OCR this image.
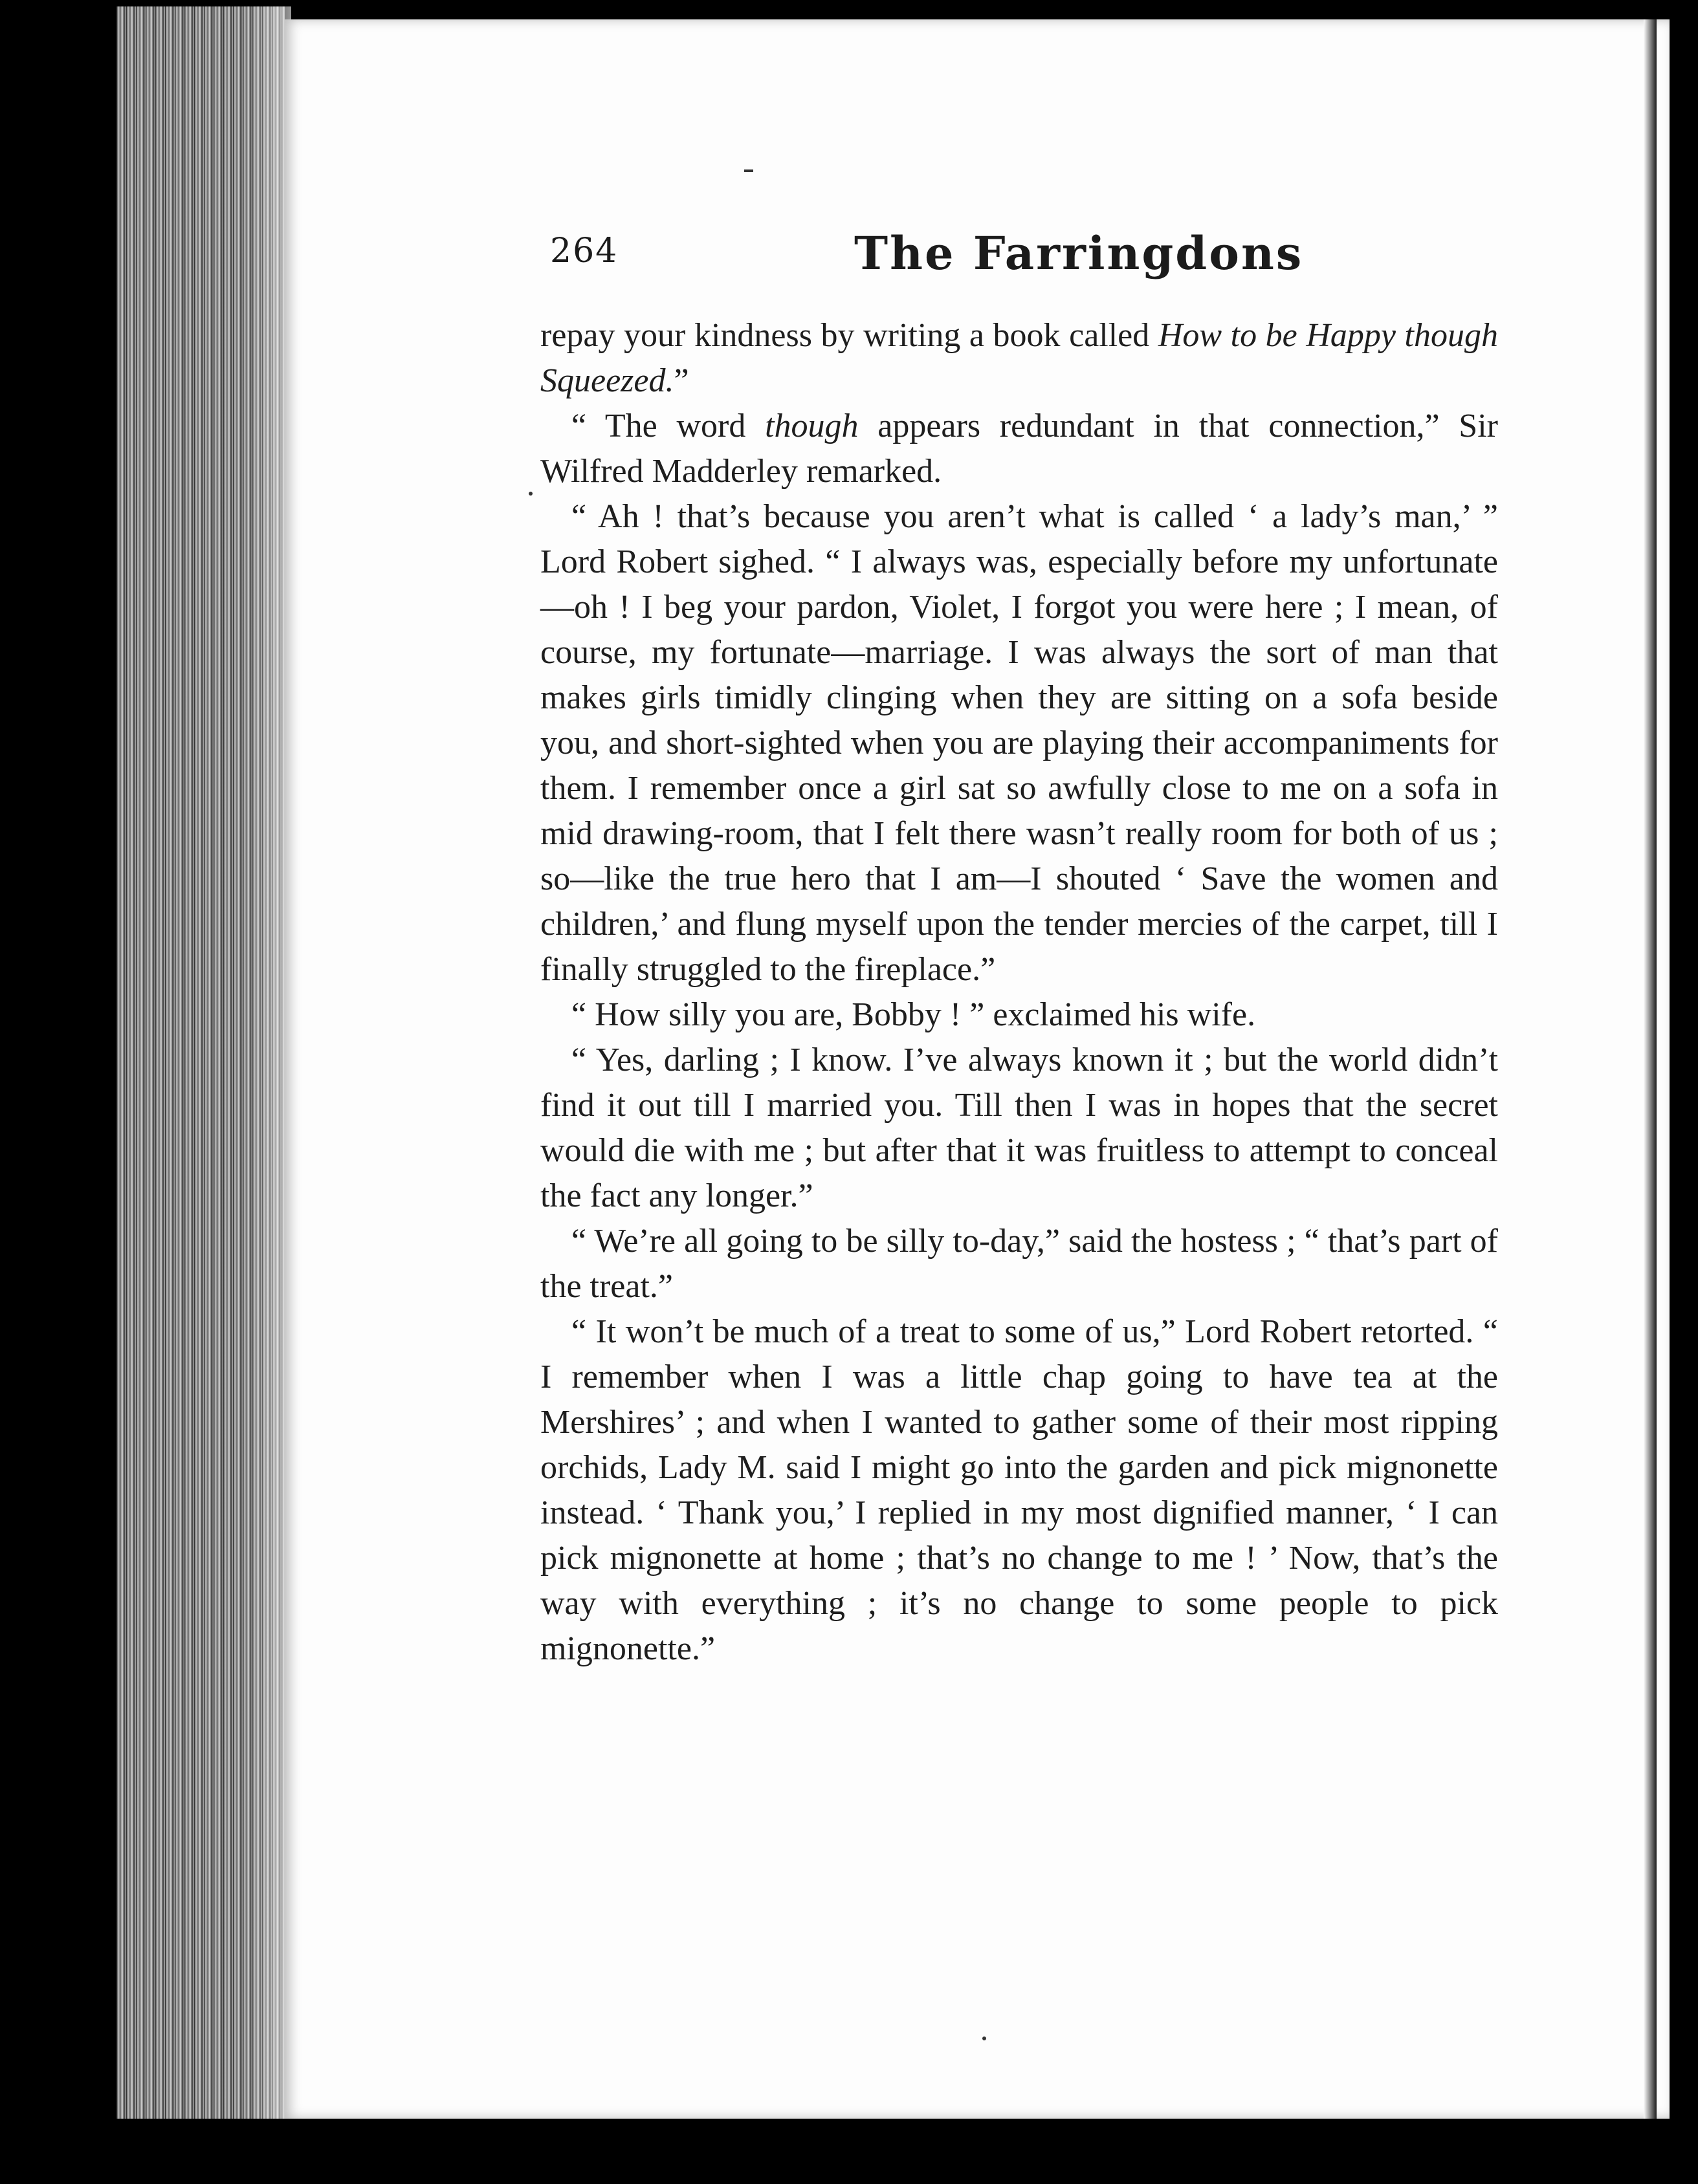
264	The Farringdons

repay your kindness by writing a book called How to be Happy though Squeezed.”

“ The word though appears redundant in that connection,” Sir Wilfred Madderley remarked.

“ Ah ! that’s because you aren’t what is called ‘ a lady’s man,’ ” Lord Robert sighed. “ I always was, especially before my unfortunate—oh ! I beg your pardon, Violet, I forgot you were here ; I mean, of course, my fortunate—marriage. I was always the sort of man that makes girls timidly clinging when they are sitting on a sofa beside you, and short-sighted when you are playing their accompaniments for them. I remember once a girl sat so awfully close to me on a sofa in mid drawing-room, that I felt there wasn’t really room for both of us ; so—like the true hero that I am—I shouted ‘ Save the women and children,’ and flung myself upon the tender mercies of the carpet, till I finally struggled to the fireplace.”

“ How silly you are, Bobby ! ” exclaimed his wife.

“ Yes, darling ; I know. I’ve always known it ; but the world didn’t find it out till I married you. Till then I was in hopes that the secret would die with me ; but after that it was fruitless to attempt to conceal the fact any longer.”

“ We’re all going to be silly to-day,” said the hostess ; “ that’s part of the treat.”

“ It won’t be much of a treat to some of us,” Lord Robert retorted. “ I remember when I was a little chap going to have tea at the Mershires’ ; and when I wanted to gather some of their most ripping orchids, Lady M. said I might go into the garden and pick mignonette instead. ‘ Thank you,’ I replied in my most dignified manner, ‘ I can pick mignonette at home ; that’s no change to me ! ’ Now, that’s the way with everything ; it’s no change to some people to pick mignonette.”
